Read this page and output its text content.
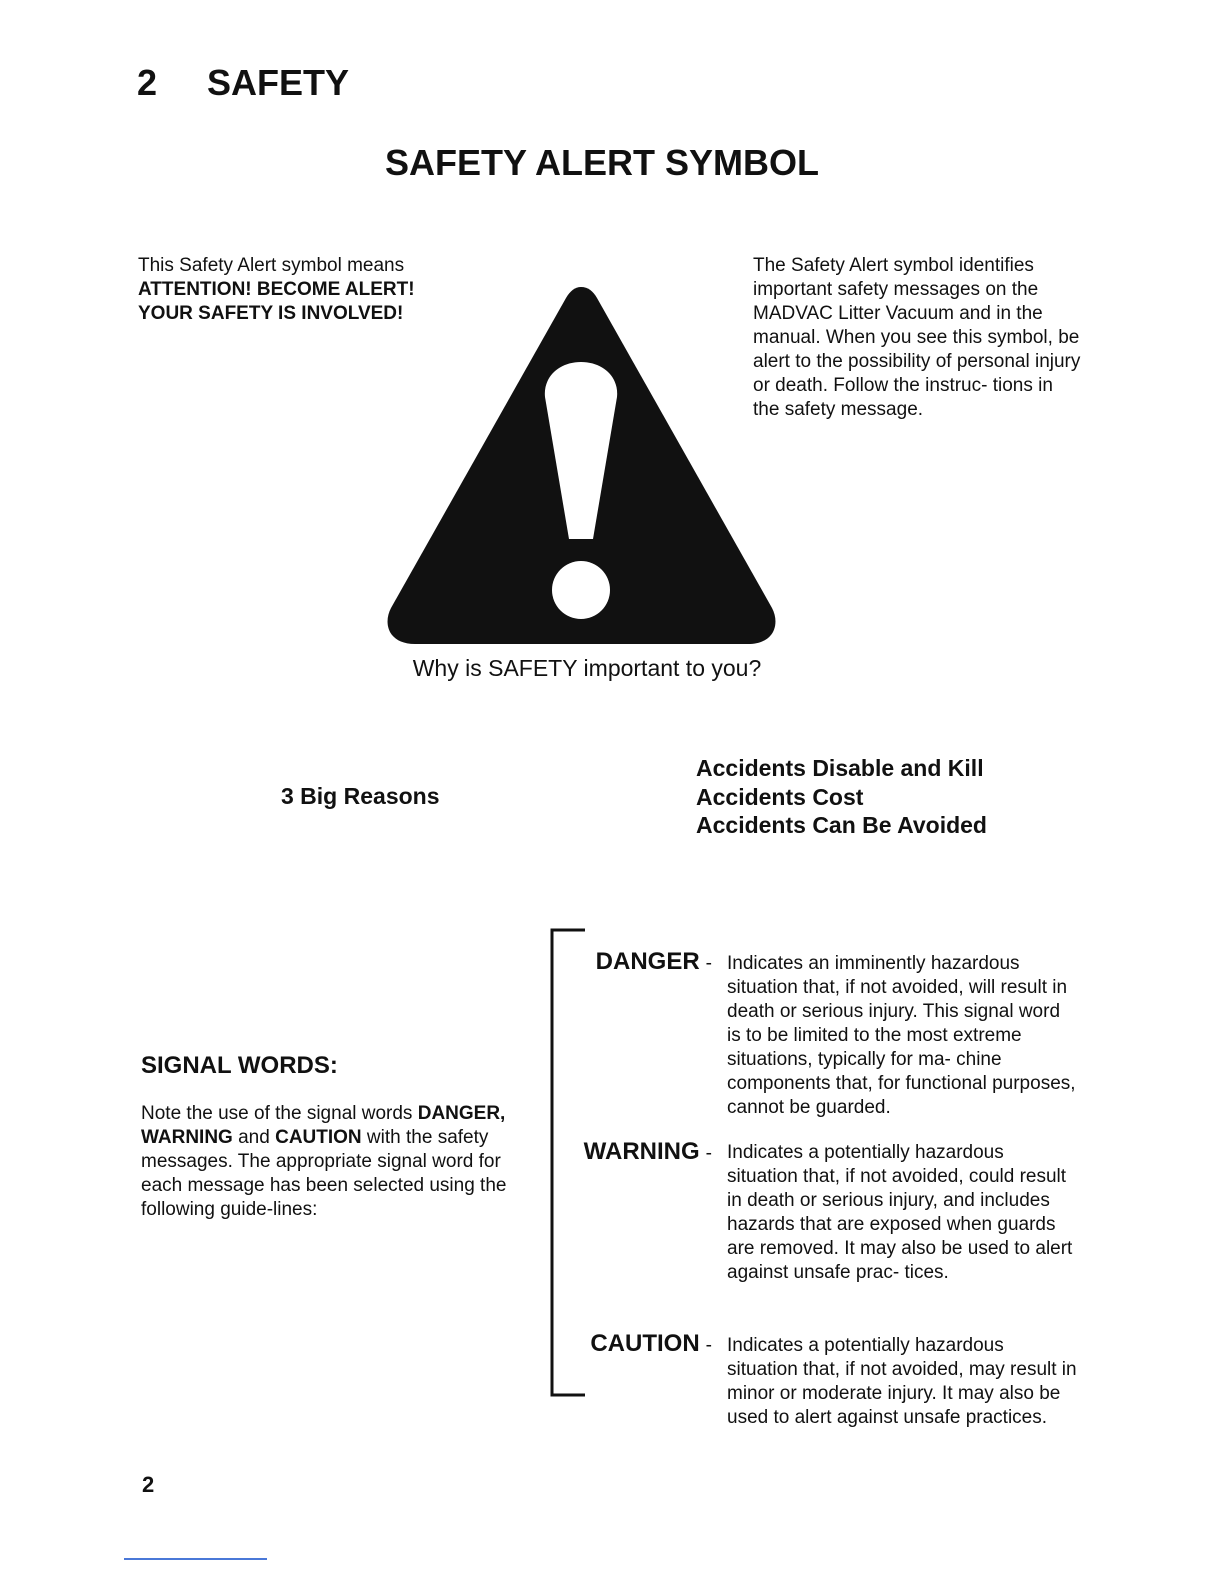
2 SAFETY
SAFETY ALERT SYMBOL
This Safety Alert symbol means
ATTENTION! BECOME ALERT!
YOUR SAFETY IS INVOLVED!
The Safety Alert symbol identifies important safety messages on the MADVAC Litter Vacuum and in the manual. When you see this symbol, be alert to the possibility of personal injury or death. Follow the instruc- tions in the safety message.
Why is SAFETY important to you?
3 Big Reasons
Accidents Disable and Kill
Accidents Cost
Accidents Can Be Avoided
SIGNAL WORDS:
Note the use of the signal words DANGER, WARNING and CAUTION with the safety messages. The appropriate signal word for each message has been selected using the following guide-lines:
DANGER - Indicates an imminently hazardous situation that, if not avoided, will result in death or serious injury. This signal word is to be limited to the most extreme situations, typically for ma- chine components that, for functional purposes, cannot be guarded.
WARNING - Indicates a potentially hazardous situation that, if not avoided, could result in death or serious injury, and includes hazards that are exposed when guards are removed. It may also be used to alert against unsafe prac- tices.
CAUTION - Indicates a potentially hazardous situation that, if not avoided, may result in minor or moderate injury. It may also be used to alert against unsafe practices.
2
